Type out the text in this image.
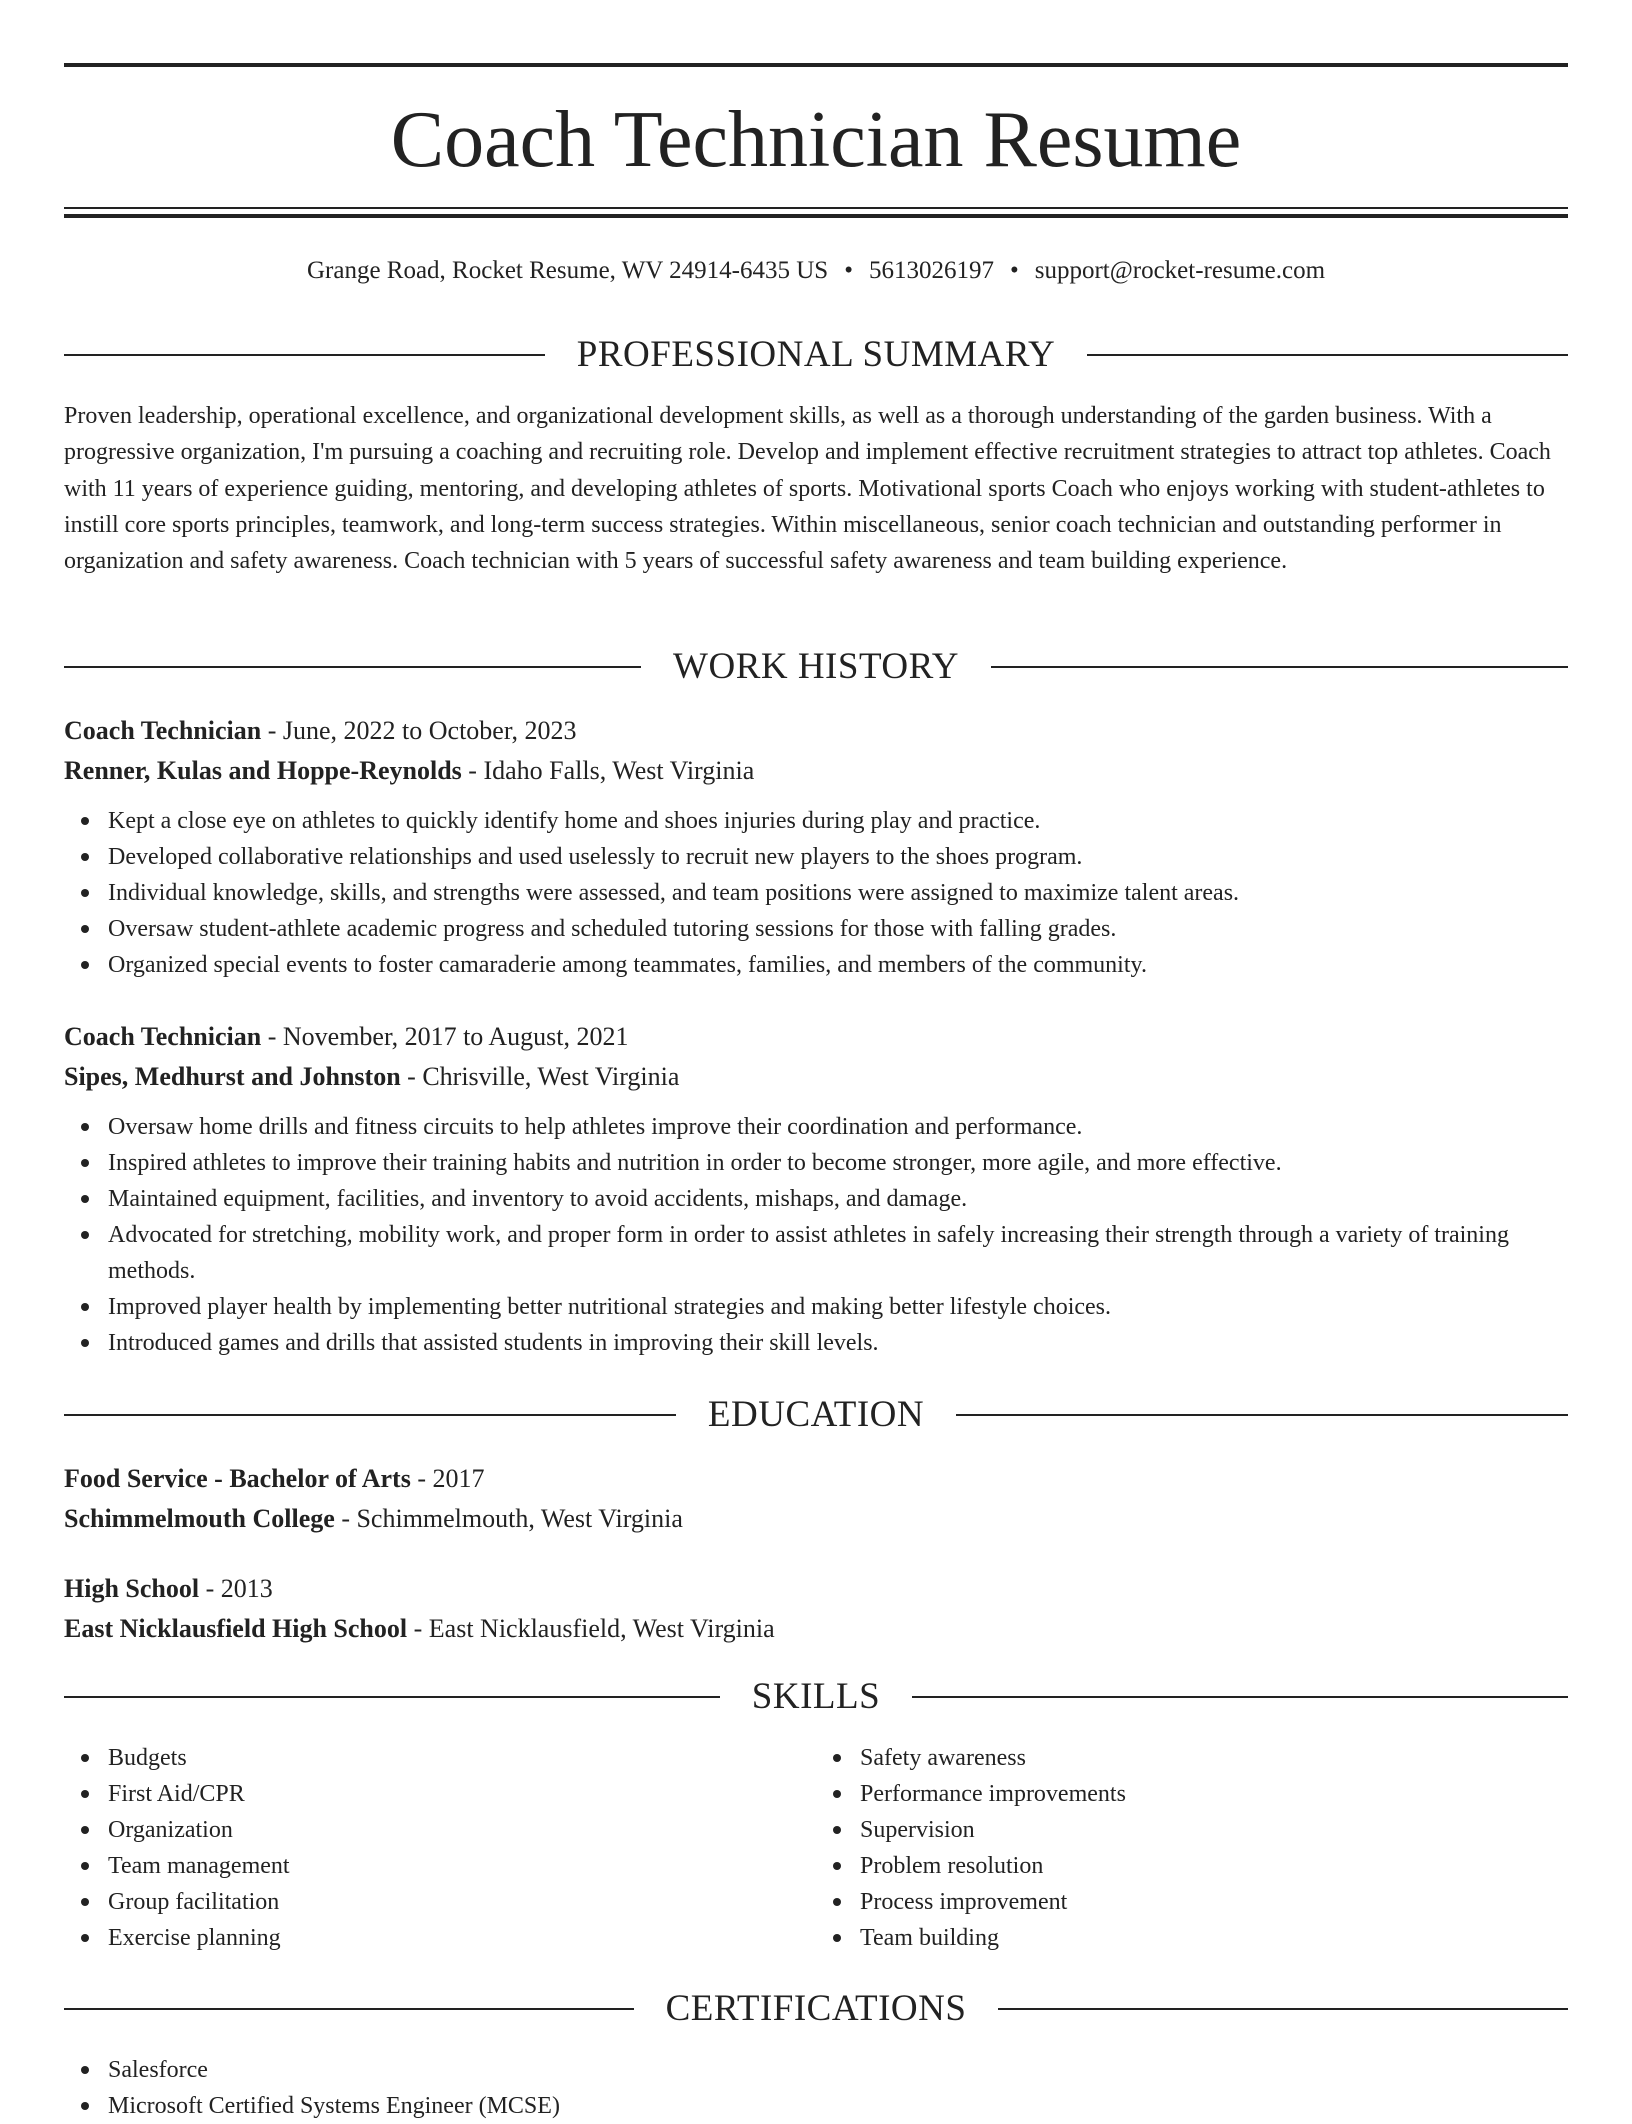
Coach Technician Resume
Grange Road, Rocket Resume, WV 24914-6435 US • 5613026197 • support@rocket-resume.com
PROFESSIONAL SUMMARY

Proven leadership, operational excellence, and organizational development skills, as well as a thorough understanding of the garden business. With a progressive organization, I'm pursuing a coaching and recruiting role. Develop and implement effective recruitment strategies to attract top athletes. Coach with 11 years of experience guiding, mentoring, and developing athletes of sports. Motivational sports Coach who enjoys working with student-athletes to instill core sports principles, teamwork, and long-term success strategies. Within miscellaneous, senior coach technician and outstanding performer in organization and safety awareness. Coach technician with 5 years of successful safety awareness and team building experience.

WORK HISTORY
Coach Technician - June, 2022 to October, 2023
Renner, Kulas and Hoppe-Reynolds - Idaho Falls, West Virginia
Kept a close eye on athletes to quickly identify home and shoes injuries during play and practice.
Developed collaborative relationships and used uselessly to recruit new players to the shoes program.
Individual knowledge, skills, and strengths were assessed, and team positions were assigned to maximize talent areas.
Oversaw student-athlete academic progress and scheduled tutoring sessions for those with falling grades.
Organized special events to foster camaraderie among teammates, families, and members of the community.
Coach Technician - November, 2017 to August, 2021
Sipes, Medhurst and Johnston - Chrisville, West Virginia
Oversaw home drills and fitness circuits to help athletes improve their coordination and performance.
Inspired athletes to improve their training habits and nutrition in order to become stronger, more agile, and more effective.
Maintained equipment, facilities, and inventory to avoid accidents, mishaps, and damage.
Advocated for stretching, mobility work, and proper form in order to assist athletes in safely increasing their strength through a variety of training methods.
Improved player health by implementing better nutritional strategies and making better lifestyle choices.
Introduced games and drills that assisted students in improving their skill levels.
EDUCATION
Food Service - Bachelor of Arts - 2017
Schimmelmouth College - Schimmelmouth, West Virginia
High School - 2013
East Nicklausfield High School - East Nicklausfield, West Virginia
SKILLS
Budgets
First Aid/CPR
Organization
Team management
Group facilitation
Exercise planning
Safety awareness
Performance improvements
Supervision
Problem resolution
Process improvement
Team building
CERTIFICATIONS
Salesforce
Microsoft Certified Systems Engineer (MCSE)
